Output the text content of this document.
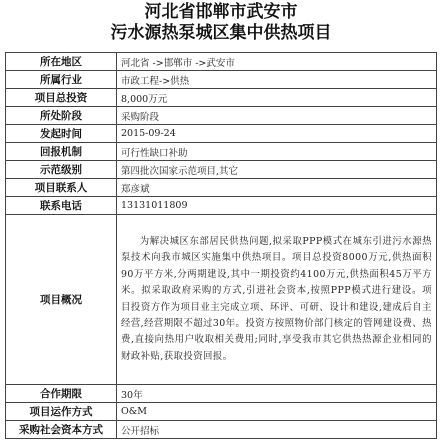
河北省邯郸市武安市
污水源热泵城区集中供热项目
所在地区	河北省 ->邯郸市 ->武安市
所属行业	市政工程->供热
项目总投资	8,000万元
所处阶段	采购阶段
发起时间	2015-09-24
回报机制	可行性缺口补助
示范级别	第四批次国家示范项目,其它
项目联系人	郑彦斌
联系电话	13131011809
项目概况	为解决城区东部居民供热问题,拟采取PPP模式在城东引进污水源热泵技术向我市城区实施集中供热项目。项目总投资8000万元,供热面积90万平方米,分两期建设,其中一期投资约4100万元,供热面积45万平方米。拟采取政府采购的方式,引进社会资本,按照PPP模式进行建设。项目投资方作为项目业主完成立项、环评、可研、设计和建设,建成后自主经营,经营期限不超过30年。投资方按照物价部门核定的管网建设费、热费,直接向热用户收取相关费用;同时,享受我市其它供热热源企业相同的财政补贴,获取投资回报。
合作期限	30年
项目运作方式	O&M
采购社会资本方式	公开招标
